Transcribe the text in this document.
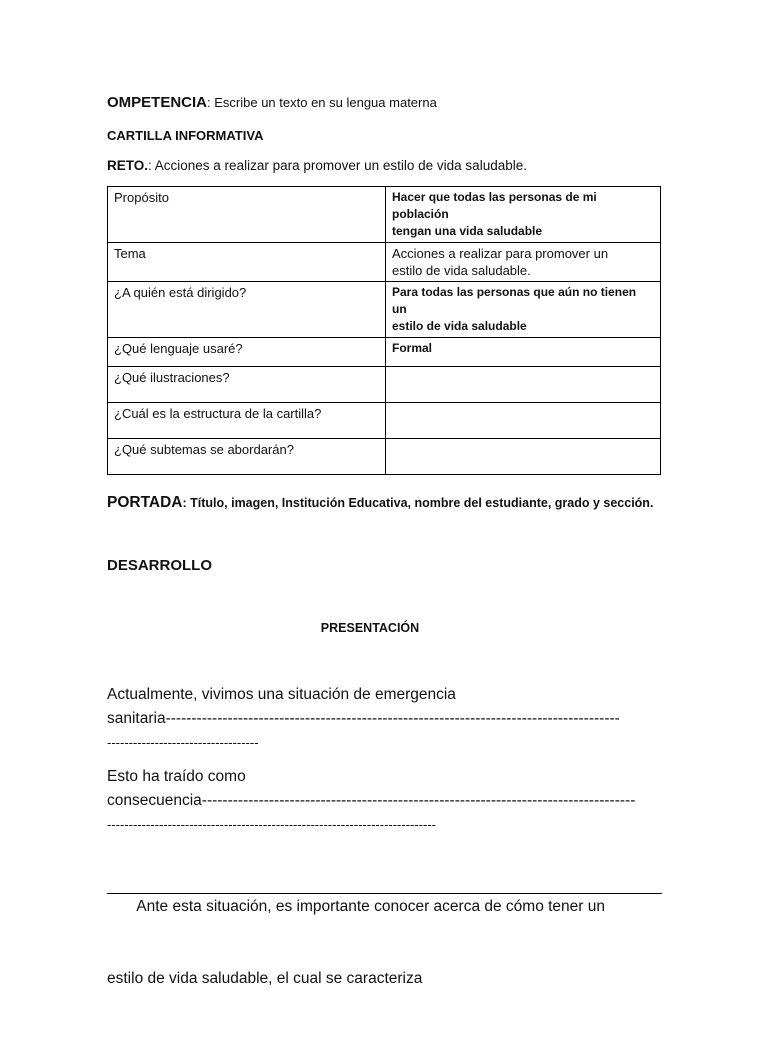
OMPETENCIA: Escribe un texto en su lengua materna
CARTILLA INFORMATIVA
RETO.: Acciones a realizar para promover un estilo de vida saludable.
Propósito	Hacer que todas las personas de mi población
tengan una vida saludable

Tema	Acciones a realizar para promover un
estilo de vida saludable.

¿A quién está dirigido?	Para todas las personas que aún no tienen un
estilo de vida saludable

¿Qué lenguaje usaré?	Formal
¿Qué ilustraciones?	
¿Cuál es la estructura de la cartilla?	
¿Qué subtemas se abordarán?	
PORTADA: Título, imagen, Institución Educativa, nombre del estudiante, grado y sección.
DESARROLLO
PRESENTACIÓN
Actualmente, vivimos una situación de emergencia
sanitaria----------------------------------------------------------------------------------------
-----------------------------------
Esto ha traído como
consecuencia------------------------------------------------------------------------------------
----------------------------------------------------------------------------

Ante esta situación, es importante conocer acerca de cómo tener un

estilo de vida saludable, el cual se caracteriza
